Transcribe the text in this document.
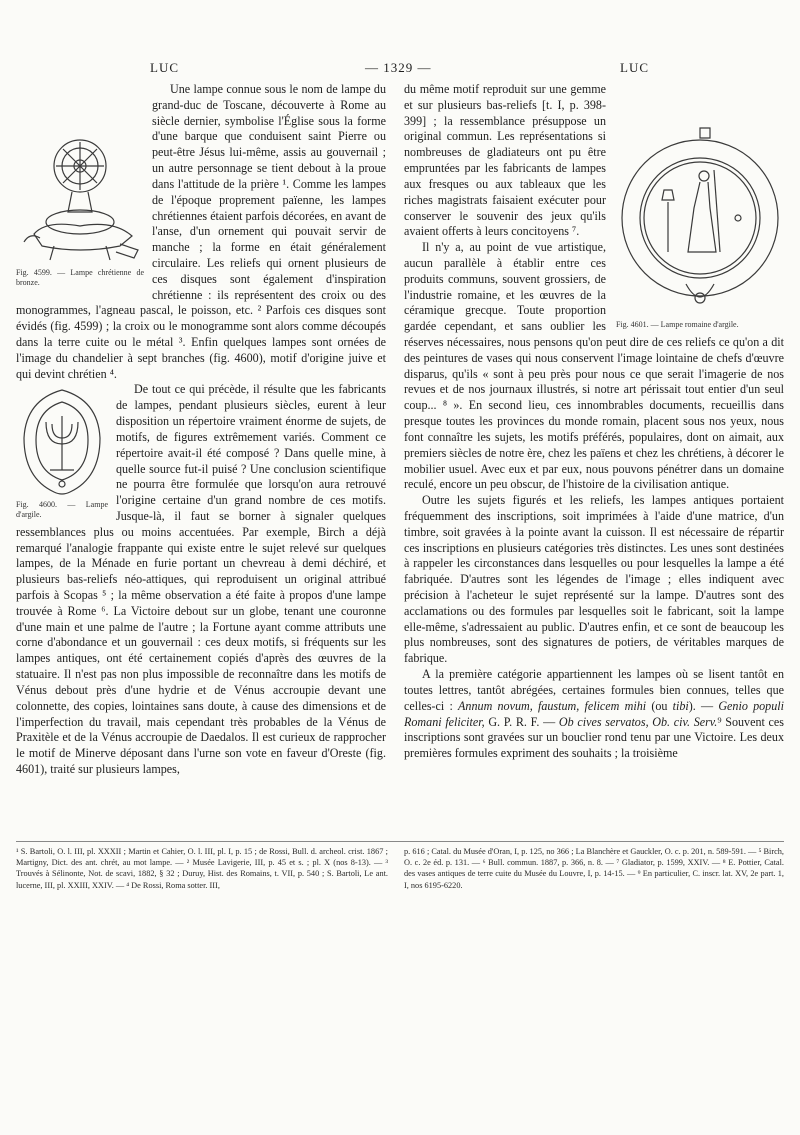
LUC	— 1329 —	LUC
Fig. 4599. — Lampe chrétienne de bronze.

Une lampe connue sous le nom de lampe du grand-duc de Toscane, découverte à Rome au siècle dernier, symbolise l'Église sous la forme d'une barque que conduisent saint Pierre ou peut-être Jésus lui-même, assis au gouvernail ; un autre personnage se tient debout à la proue dans l'attitude de la prière ¹. Comme les lampes de l'époque proprement païenne, les lampes chrétiennes étaient parfois décorées, en avant de l'anse, d'un ornement qui pouvait servir de manche ; la forme en était généralement circulaire. Les reliefs qui ornent plusieurs de ces disques sont également d'inspiration chrétienne : ils représentent des croix ou des monogrammes, l'agneau pascal, le poisson, etc. ² Parfois ces disques sont évidés (fig. 4599) ; la croix ou le monogramme sont alors comme découpés dans la terre cuite ou le métal ³. Enfin quelques lampes sont ornées de l'image du chandelier à sept branches (fig. 4600), motif d'origine juive et qui devint chrétien ⁴.

Fig. 4600. — Lampe d'argile.

De tout ce qui précède, il résulte que les fabricants de lampes, pendant plusieurs siècles, eurent à leur disposition un répertoire vraiment énorme de sujets, de motifs, de figures extrêmement variés. Comment ce répertoire avait-il été composé ? Dans quelle mine, à quelle source fut-il puisé ? Une conclusion scientifique ne pourra être formulée que lorsqu'on aura retrouvé l'origine certaine d'un grand nombre de ces motifs. Jusque-là, il faut se borner à signaler quelques ressemblances plus ou moins accentuées. Par exemple, Birch a déjà remarqué l'analogie frappante qui existe entre le sujet relevé sur quelques lampes, de la Ménade en furie portant un chevreau à demi déchiré, et plusieurs bas-reliefs néo-attiques, qui reproduisent un original attribué parfois à Scopas ⁵ ; la même observation a été faite à propos d'une lampe trouvée à Rome ⁶. La Victoire debout sur un globe, tenant une couronne d'une main et une palme de l'autre ; la Fortune ayant comme attributs une corne d'abondance et un gouvernail : ces deux motifs, si fréquents sur les lampes antiques, ont été certainement copiés d'après des œuvres de la statuaire. Il n'est pas non plus impossible de reconnaître dans les motifs de Vénus debout près d'une hydrie et de Vénus accroupie devant une colonnette, des copies, lointaines sans doute, à cause des dimensions et de l'imperfection du travail, mais cependant très probables de la Vénus de Praxitèle et de la Vénus accroupie de Daedalos. Il est curieux de rapprocher le motif de Minerve déposant dans l'urne son vote en faveur d'Oreste (fig. 4601), traité sur plusieurs lampes,

Fig. 4601. — Lampe romaine d'argile.

du même motif reproduit sur une gemme et sur plusieurs bas-reliefs [t. I, p. 398-399] ; la ressemblance présuppose un original commun. Les représentations si nombreuses de gladiateurs ont pu être empruntées par les fabricants de lampes aux fresques ou aux tableaux que les riches magistrats faisaient exécuter pour conserver le souvenir des jeux qu'ils avaient offerts à leurs concitoyens ⁷.

Il n'y a, au point de vue artistique, aucun parallèle à établir entre ces produits communs, souvent grossiers, de l'industrie romaine, et les œuvres de la céramique grecque. Toute proportion gardée cependant, et sans oublier les réserves nécessaires, nous pensons qu'on peut dire de ces reliefs ce qu'on a dit des peintures de vases qui nous conservent l'image lointaine de chefs d'œuvre disparus, qu'ils « sont à peu près pour nous ce que serait l'imagerie de nos revues et de nos journaux illustrés, si notre art périssait tout entier d'un seul coup... ⁸ ». En second lieu, ces innombrables documents, recueillis dans presque toutes les provinces du monde romain, placent sous nos yeux, nous font connaître les sujets, les motifs préférés, populaires, dont on aimait, aux premiers siècles de notre ère, chez les païens et chez les chrétiens, à décorer le mobilier usuel. Avec eux et par eux, nous pouvons pénétrer dans un domaine reculé, encore un peu obscur, de l'histoire de la civilisation antique.

Outre les sujets figurés et les reliefs, les lampes antiques portaient fréquemment des inscriptions, soit imprimées à l'aide d'une matrice, d'un timbre, soit gravées à la pointe avant la cuisson. Il est nécessaire de répartir ces inscriptions en plusieurs catégories très distinctes. Les unes sont destinées à rappeler les circonstances dans lesquelles ou pour lesquelles la lampe a été fabriquée. D'autres sont les légendes de l'image ; elles indiquent avec précision à l'acheteur le sujet représenté sur la lampe. D'autres sont des acclamations ou des formules par lesquelles soit le fabricant, soit la lampe elle-même, s'adressaient au public. D'autres enfin, et ce sont de beaucoup les plus nombreuses, sont des signatures de potiers, de véritables marques de fabrique.

A la première catégorie appartiennent les lampes où se lisent tantôt en toutes lettres, tantôt abrégées, certaines formules bien connues, telles que celles-ci : Annum novum, faustum, felicem mihi (ou tibi). — Genio populi Romani feliciter, G. P. R. F. — Ob cives servatos, Ob. civ. Serv.⁹ Souvent ces inscriptions sont gravées sur un bouclier rond tenu par une Victoire. Les deux premières formules expriment des souhaits ; la troisième

¹ S. Bartoli, O. l. III, pl. XXXII ; Martin et Cahier, O. l. III, pl. I, p. 15 ; de Rossi, Bull. d. archeol. crist. 1867 ; Martigny, Dict. des ant. chrét, au mot lampe. — ² Musée Lavigerie, III, p. 45 et s. ; pl. X (nos 8-13). — ³ Trouvés à Sélinonte, Not. de scavi, 1882, § 32 ; Duruy, Hist. des Romains, t. VII, p. 540 ; S. Bartoli, Le ant. lucerne, III, pl. XXIII, XXIV. — ⁴ De Rossi, Roma sotter. III,
p. 616 ; Catal. du Musée d'Oran, I, p. 125, no 366 ; La Blanchère et Gauckler, O. c. p. 201, n. 589-591. — ⁵ Birch, O. c. 2e éd. p. 131. — ⁶ Bull. commun. 1887, p. 366, n. 8. — ⁷ Gladiator, p. 1599, XXIV. — ⁸ E. Pottier, Catal. des vases antiques de terre cuite du Musée du Louvre, I, p. 14-15. — ⁹ En particulier, C. inscr. lat. XV, 2e part. 1, I, nos 6195-6220.
